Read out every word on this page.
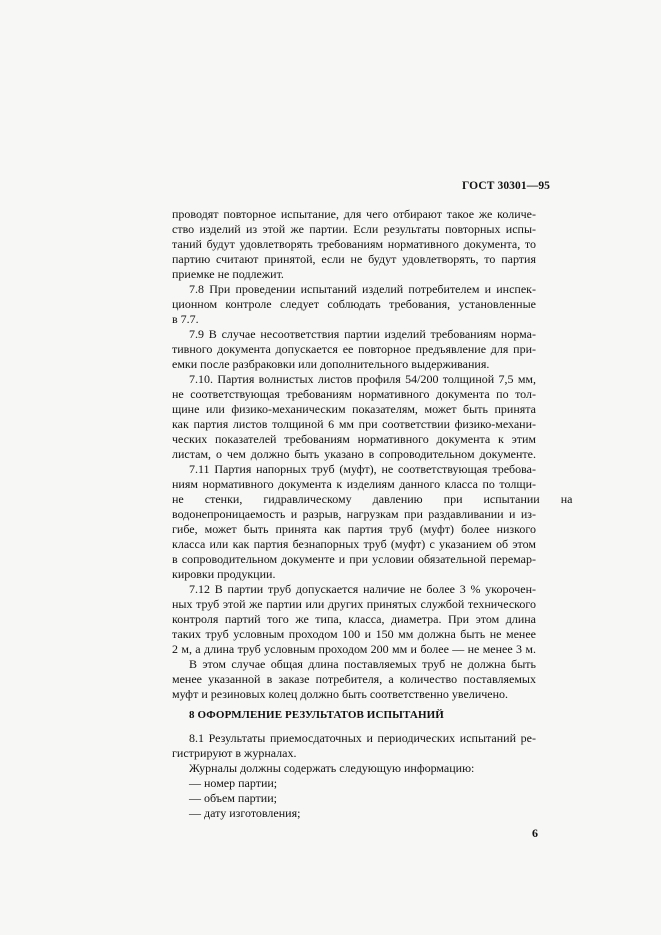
ГОСТ 30301—95
проводят повторное испытание, для чего отбирают такое же количе-
ство изделий из этой же партии. Если результаты повторных испы-
таний будут удовлетворять требованиям нормативного документа, то
партию считают принятой, если не будут удовлетворять, то партия
приемке не подлежит.
7.8 При проведении испытаний изделий потребителем и инспек-
ционном контроле следует соблюдать требования, установленные
в 7.7.
7.9 В случае несоответствия партии изделий требованиям норма-
тивного документа допускается ее повторное предъявление для при-
емки после разбраковки или дополнительного выдерживания.
7.10. Партия волнистых листов профиля 54/200 толщиной 7,5 мм,
не соответствующая требованиям нормативного документа по тол-
щине или физико-механическим показателям, может быть принята
как партия листов толщиной 6 мм при соответствии физико-механи-
ческих показателей требованиям нормативного документа к этим
листам, о чем должно быть указано в сопроводительном документе.
7.11 Партия напорных труб (муфт), не соответствующая требова-
ниям нормативного документа к изделиям данного класса по толщи-
не стенки, гидравлическому давлению при испытании на
водонепроницаемость и разрыв, нагрузкам при раздавливании и из-
гибе, может быть принята как партия труб (муфт) более низкого
класса или как партия безнапорных труб (муфт) с указанием об этом
в сопроводительном документе и при условии обязательной перемар-
кировки продукции.
7.12 В партии труб допускается наличие не более 3 % укорочен-
ных труб этой же партии или других принятых службой технического
контроля партий того же типа, класса, диаметра. При этом длина
таких труб условным проходом 100 и 150 мм должна быть не менее
2 м, а длина труб условным проходом 200 мм и более — не менее 3 м.
В этом случае общая длина поставляемых труб не должна быть
менее указанной в заказе потребителя, а количество поставляемых
муфт и резиновых колец должно быть соответственно увеличено.
8 ОФОРМЛЕНИЕ РЕЗУЛЬТАТОВ ИСПЫТАНИЙ
8.1 Результаты приемосдаточных и периодических испытаний ре-
гистрируют в журналах.
Журналы должны содержать следующую информацию:
— номер партии;
— объем партии;
— дату изготовления;
6
